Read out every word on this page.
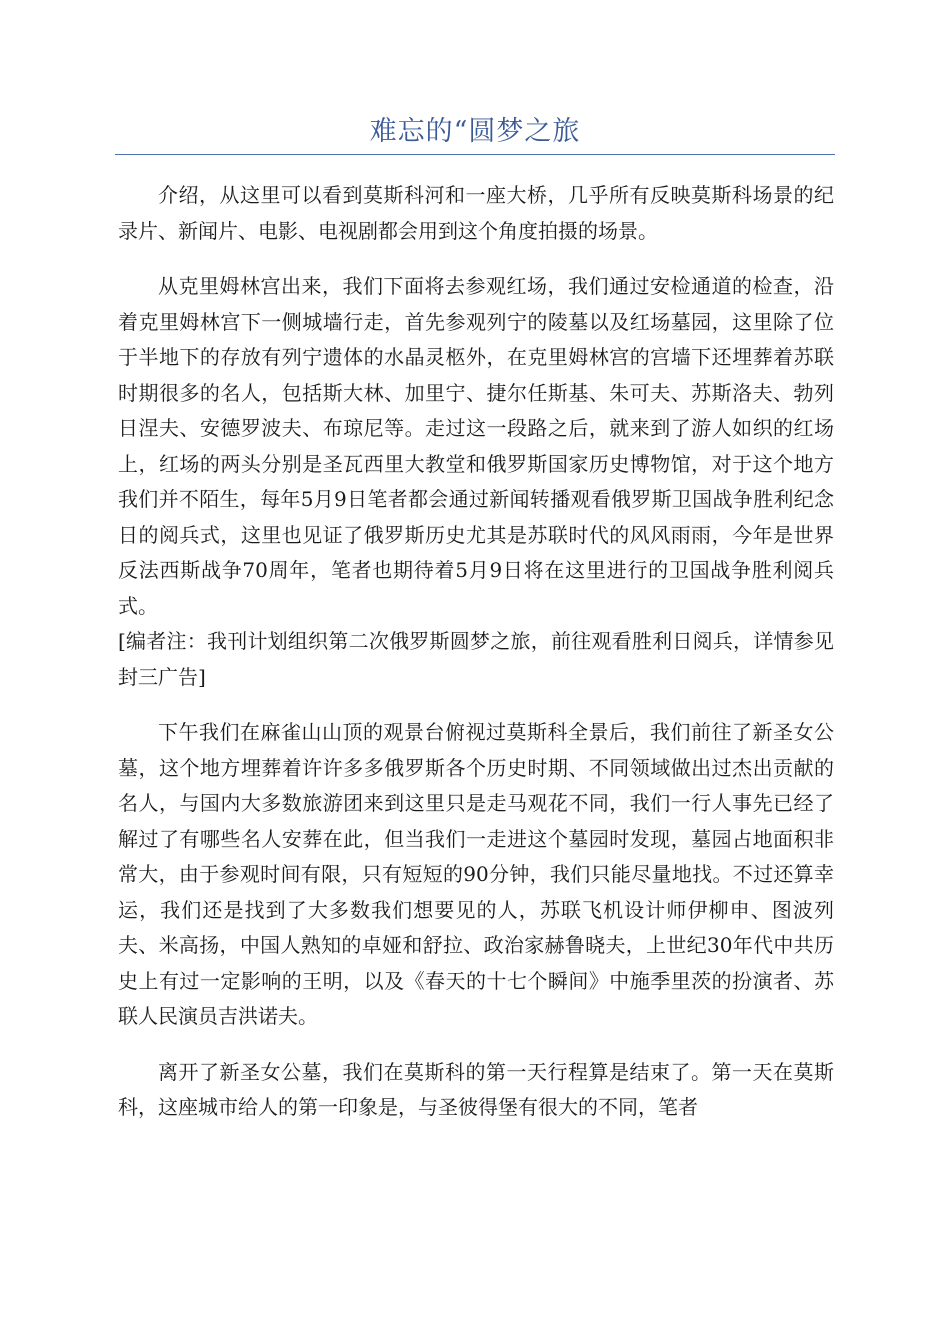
难忘的“圆梦之旅

介绍，从这里可以看到莫斯科河和一座大桥，几乎所有反映莫斯科场景的纪录片、新闻片、电影、电视剧都会用到这个角度拍摄的场景。

从克里姆林宫出来，我们下面将去参观红场，我们通过安检通道的检查，沿着克里姆林宫下一侧城墙行走，首先参观列宁的陵墓以及红场墓园，这里除了位于半地下的存放有列宁遗体的水晶灵柩外，在克里姆林宫的宫墙下还埋葬着苏联时期很多的名人，包括斯大林、加里宁、捷尔任斯基、朱可夫、苏斯洛夫、勃列日涅夫、安德罗波夫、布琼尼等。走过这一段路之后，就来到了游人如织的红场上，红场的两头分别是圣瓦西里大教堂和俄罗斯国家历史博物馆，对于这个地方我们并不陌生，每年5月9日笔者都会通过新闻转播观看俄罗斯卫国战争胜利纪念日的阅兵式，这里也见证了俄罗斯历史尤其是苏联时代的风风雨雨，今年是世界反法西斯战争70周年，笔者也期待着5月9日将在这里进行的卫国战争胜利阅兵式。
[编者注：我刊计划组织第二次俄罗斯圆梦之旅，前往观看胜利日阅兵，详情参见封三广告]

下午我们在麻雀山山顶的观景台俯视过莫斯科全景后，我们前往了新圣女公墓，这个地方埋葬着许许多多俄罗斯各个历史时期、不同领域做出过杰出贡献的名人，与国内大多数旅游团来到这里只是走马观花不同，我们一行人事先已经了解过了有哪些名人安葬在此，但当我们一走进这个墓园时发现，墓园占地面积非常大，由于参观时间有限，只有短短的90分钟，我们只能尽量地找。不过还算幸运，我们还是找到了大多数我们想要见的人，苏联飞机设计师伊柳申、图波列夫、米高扬，中国人熟知的卓娅和舒拉、政治家赫鲁晓夫，上世纪30年代中共历史上有过一定影响的王明，以及《春天的十七个瞬间》中施季里茨的扮演者、苏联人民演员吉洪诺夫。

离开了新圣女公墓，我们在莫斯科的第一天行程算是结束了。第一天在莫斯科，这座城市给人的第一印象是，与圣彼得堡有很大的不同，笔者
